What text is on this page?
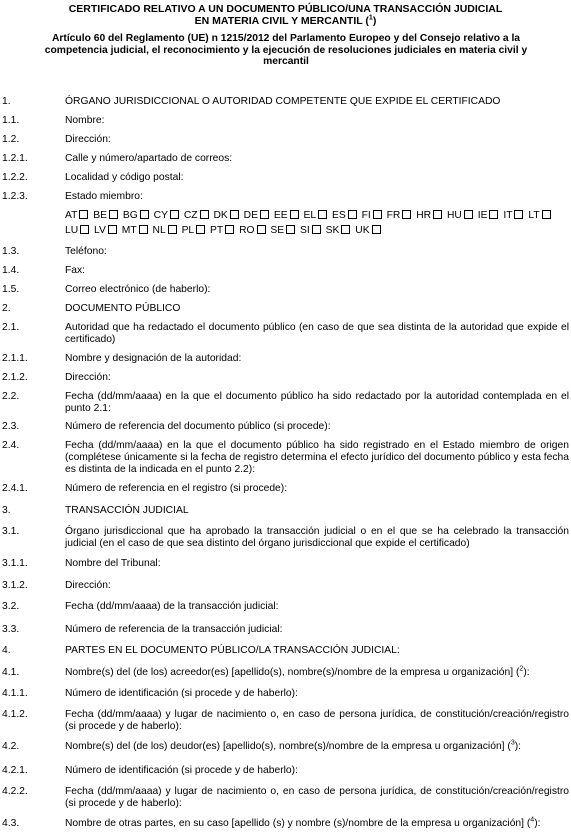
CERTIFICADO RELATIVO A UN DOCUMENTO PÚBLICO/UNA TRANSACCIÓN JUDICIAL
EN MATERIA CIVIL Y MERCANTIL ($^1$)
Artículo 60 del Reglamento (UE) n 1215/2012 del Parlamento Europeo y del Consejo relativo a la
competencia judicial, el reconocimiento y la ejecución de resoluciones judiciales en materia civil y
mercantil
1.	ÓRGANO JURISDICCIONAL O AUTORIDAD COMPETENTE QUE EXPIDE EL CERTIFICADO
1.1.	Nombre:
1.2.	Dirección:
1.2.1.	Calle y número/apartado de correos:
1.2.2.	Localidad y código postal:
1.2.3.	Estado miembro:
AT BE BG CY CZ DK DE EE EL ES FI FR HR HU IE IT LT
LU LV MT NL PL PT RO SE SI SK UK
1.3.	Teléfono:
1.4.	Fax:
1.5.	Correo electrónico (de haberlo):
2.	DOCUMENTO PÚBLICO
2.1.	Autoridad que ha redactado el documento público (en caso de que sea distinta de la autoridad que expide el certificado)
2.1.1.	Nombre y designación de la autoridad:
2.1.2.	Dirección:
2.2.	Fecha (dd/mm/aaaa) en la que el documento público ha sido redactado por la autoridad contemplada en el punto 2.1:
2.3.	Número de referencia del documento público (si procede):
2.4.	Fecha (dd/mm/aaaa) en la que el documento público ha sido registrado en el Estado miembro de origen (complétese únicamente si la fecha de registro determina el efecto jurídico del documento público y esta fecha es distinta de la indicada en el punto 2.2):
2.4.1.	Número de referencia en el registro (si procede):
3.	TRANSACCIÓN JUDICIAL
3.1.	Órgano jurisdiccional que ha aprobado la transacción judicial o en el que se ha celebrado la transacción judicial (en el caso de que sea distinto del órgano jurisdiccional que expide el certificado)
3.1.1.	Nombre del Tribunal:
3.1.2.	Dirección:
3.2.	Fecha (dd/mm/aaaa) de la transacción judicial:
3.3.	Número de referencia de la transacción judicial:
4.	PARTES EN EL DOCUMENTO PÚBLICO/LA TRANSACCIÓN JUDICIAL:
4.1.	Nombre(s) del (de los) acreedor(es) [apellido(s), nombre(s)/nombre de la empresa u organización] ($^2$):
4.1.1.	Número de identificación (si procede y de haberlo):
4.1.2.	Fecha (dd/mm/aaaa) y lugar de nacimiento o, en caso de persona jurídica, de constitución/creación/registro (si procede y de haberlo):
4.2.	Nombre(s) del (de los) deudor(es) [apellido(s), nombre(s)/nombre de la empresa u organización] ($^3$):
4.2.1.	Número de identificación (si procede y de haberlo):
4.2.2.	Fecha (dd/mm/aaaa) y lugar de nacimiento o, en caso de persona jurídica, de constitución/creación/registro (si procede y de haberlo):
4.3.	Nombre de otras partes, en su caso [apellido (s) y nombre (s)/nombre de la empresa u organización] ($^4$):
